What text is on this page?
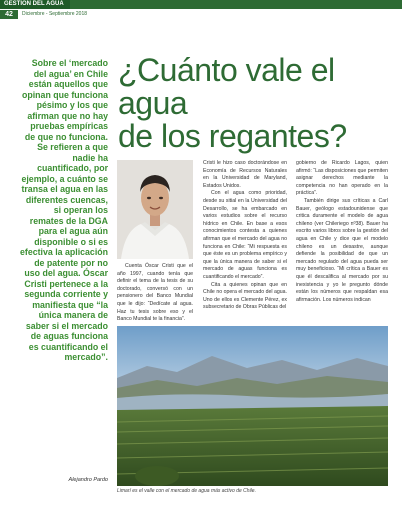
GESTIÓN DEL AGUA
42	Diciembre - Septiembre 2018
Sobre el ‘mercado del agua’ en Chile están aquellos que opinan que funciona pésimo y los que afirman que no hay pruebas empíricas de que no funciona. Se refieren a que nadie ha cuantificado, por ejemplo, a cuánto se transa el agua en las diferentes cuencas, si operan los remates de la DGA para el agua aún disponible o si es efectiva la aplicación de patente por no uso del agua. Óscar Cristi pertenece a la segunda corriente y manifiesta que “la única manera de saber si el mercado de aguas funciona es cuantificando el mercado”.
Alejandro Pardo
¿Cuánto vale el agua
de los regantes?

Cuenta Óscar Cristi que el año 1997, cuando tenía que definir el tema de la tesis de su doctorado, conversó con un pensionero del Banco Mundial que le dijo: “Dedícate al agua. Haz tu tesis sobre eso y el Banco Mundial te la financia”.

Cristi le hizo caso doctorándose en Economía de Recursos Naturales en la Universidad de Maryland, Estados Unidos.

Con el agua como prioridad, desde su sitial en la Universidad del Desarrollo, se ha embarcado en varios estudios sobre el recurso hídrico en Chile. En base a esos conocimientos contesta a quienes afirman que el mercado del agua no funciona en Chile: “Mi respuesta es que éste es un problema empírico y que la única manera de saber si el mercado de aguas funciona es cuantificando el mercado”.

Cita a quienes opinan que en Chile no opera el mercado del agua. Uno de ellos es Clemente Pérez, ex subsecretario de Obras Públicas del

gobierno de Ricardo Lagos, quien afirmó: “Las disposiciones que permiten asignar derechos mediante la competencia no han operado en la práctica”.

También dirige sus críticas a Carl Bauer, geólogo estadounidense que critica duramente el modelo de agua chileno (ver Chileriego nº38). Bauer ha escrito varios libros sobre la gestión del agua en Chile y dice que el modelo chileno es un desastre, aunque defiende la posibilidad de que un mercado regulado del agua pueda ser muy beneficioso. “Mi crítica a Bauer es que él descalifica al mercado por su inexistencia y yo le pregunto dónde están los números que respaldan esa afirmación. Los números indican

Limarí es el valle con el mercado de agua más activo de Chile.
